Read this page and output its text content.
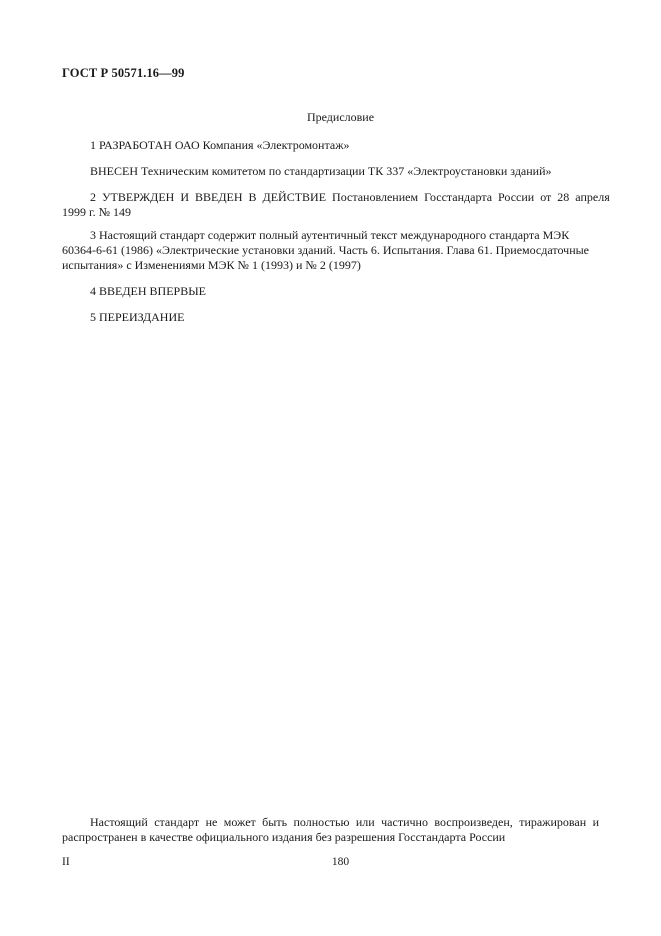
ГОСТ Р 50571.16—99
Предисловие
1 РАЗРАБОТАН ОАО Компания «Электромонтаж»
ВНЕСЕН Техническим комитетом по стандартизации ТК 337 «Электроустановки зданий»
2 УТВЕРЖДЕН И ВВЕДЕН В ДЕЙСТВИЕ Постановлением Госстандарта России от 28 апреля
1999 г. № 149
3 Настоящий стандарт содержит полный аутентичный текст международного стандарта МЭК
60364-6-61 (1986) «Электрические установки зданий. Часть 6. Испытания. Глава 61. Приемосдаточные
испытания» с Изменениями МЭК № 1 (1993) и № 2 (1997)
4 ВВЕДЕН ВПЕРВЫЕ
5 ПЕРЕИЗДАНИЕ
Настоящий стандарт не может быть полностью или частично воспроизведен, тиражирован и
распространен в качестве официального издания без разрешения Госстандарта России
II	180
